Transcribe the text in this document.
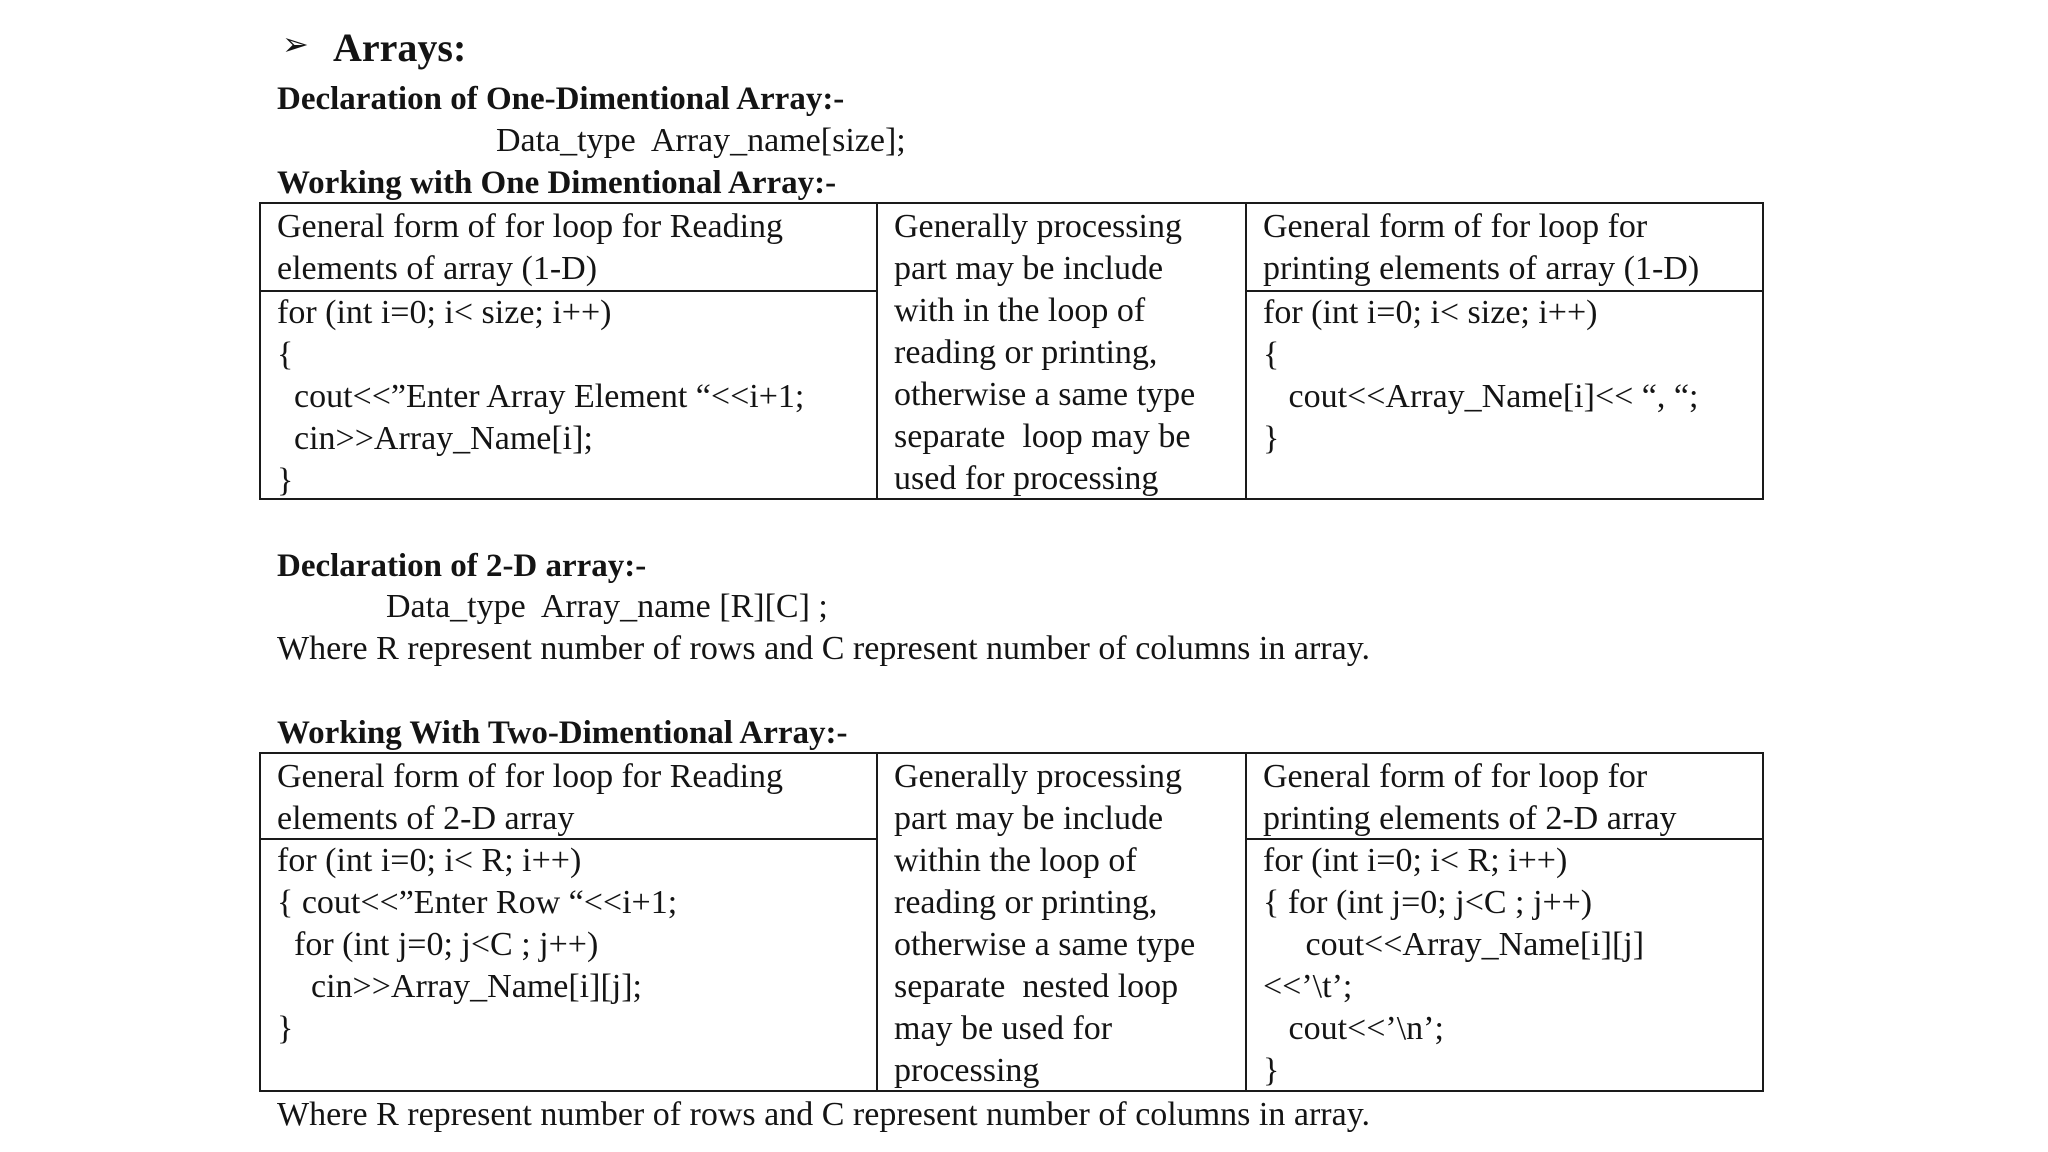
➢ Arrays:
Declaration of One-Dimentional Array:-
Data_type  Array_name[size];
Working with One Dimentional Array:-
General form of for loop for Reading
elements of array (1-D)
for (int i=0; i< size; i++)
{
cout<<”Enter Array Element “<<i+1;
cin>>Array_Name[i];
}
Generally processing
part may be include
with in the loop of
reading or printing,
otherwise a same type
separate  loop may be
used for processing
General form of for loop for
printing elements of array (1-D)
for (int i=0; i< size; i++)
{
cout<<Array_Name[i]<< “, “;
}
Declaration of 2-D array:-
Data_type  Array_name [R][C] ;
Where R represent number of rows and C represent number of columns in array.
Working With Two-Dimentional Array:-
General form of for loop for Reading
elements of 2-D array
for (int i=0; i< R; i++)
{ cout<<”Enter Row “<<i+1;
for (int j=0; j<C ; j++)
cin>>Array_Name[i][j];
}
Generally processing
part may be include
within the loop of
reading or printing,
otherwise a same type
separate  nested loop
may be used for
processing
General form of for loop for
printing elements of 2-D array
for (int i=0; i< R; i++)
{ for (int j=0; j<C ; j++)
cout<<Array_Name[i][j]
<<’\t’;
cout<<’\n’;
}
Where R represent number of rows and C represent number of columns in array.
